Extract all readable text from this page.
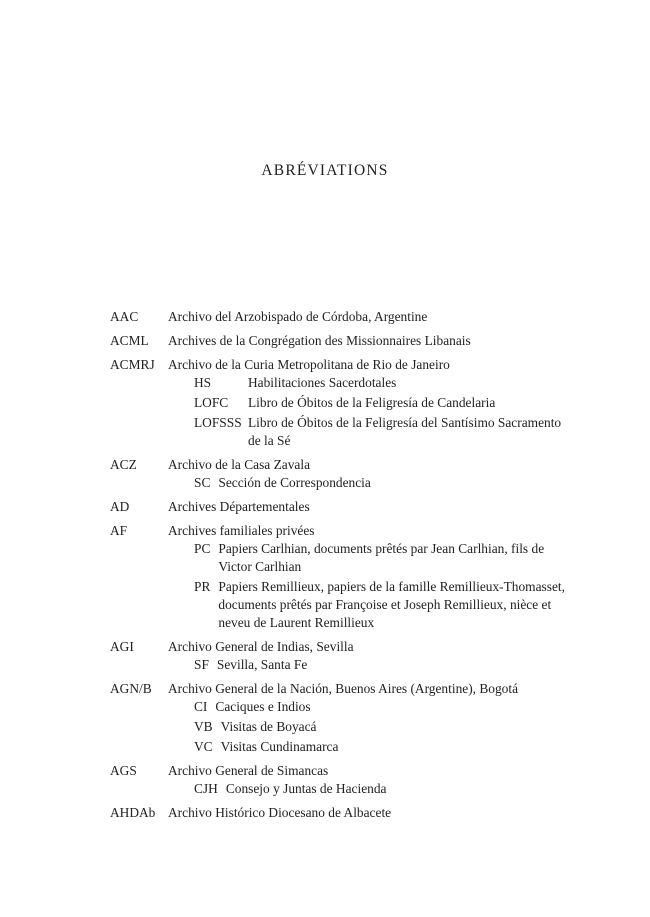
ABRÉVIATIONS
AAC	Archivo del Arzobispado de Córdoba, Argentine
ACML	Archives de la Congrégation des Missionnaires Libanais
ACMRJ Archivo de la Curia Metropolitana de Rio de Janeiro
HS	Habilitaciones Sacerdotales
LOFC	Libro de Óbitos de la Feligresía de Candelaria
LOFSSS Libro de Óbitos de la Feligresía del Santísimo Sacramento de la Sé
ACZ	Archivo de la Casa Zavala
SC Sección de Correspondencia
AD	Archives Départementales
AF	Archives familiales privées
PC Papiers Carlhian, documents prêtés par Jean Carlhian, fils de Victor Carlhian
PR Papiers Remillieux, papiers de la famille Remillieux-Thomasset, documents prêtés par Françoise et Joseph Remillieux, nièce et neveu de Laurent Remillieux
AGI	Archivo General de Indias, Sevilla
SF Sevilla, Santa Fe
AGN/B	Archivo General de la Nación, Buenos Aires (Argentine), Bogotá
CI Caciques e Indios
VB Visitas de Boyacá
VC Visitas Cundinamarca
AGS	Archivo General de Simancas
CJH Consejo y Juntas de Hacienda
AHDAb Archivo Histórico Diocesano de Albacete
